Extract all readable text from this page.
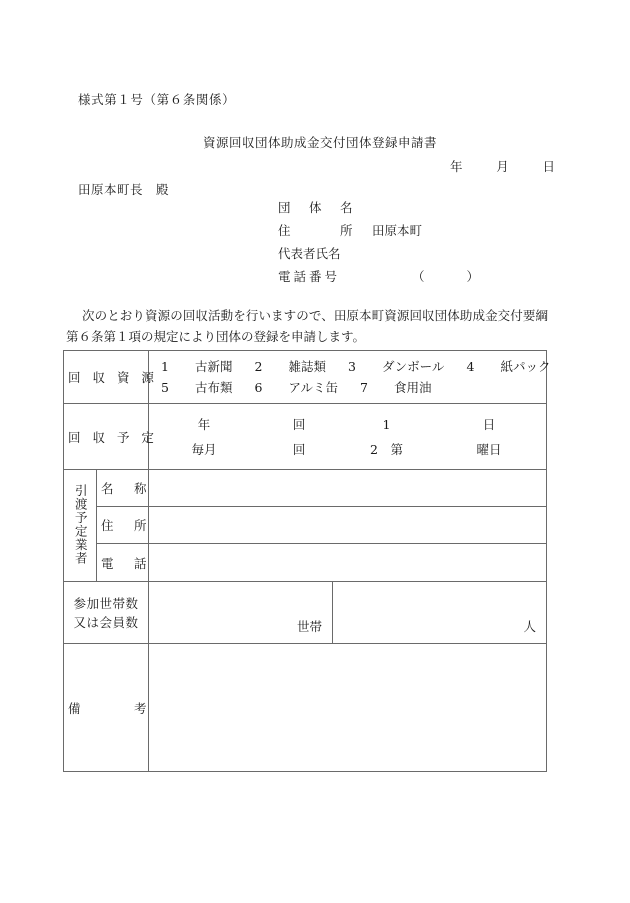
様式第１号（第６条関係）
資源回収団体助成金交付団体登録申請書
年	月	日
田原本町長　殿
団　体　名
住　　　所	田原本町
代表者氏名
電話番号	（	）
次のとおり資源の回収活動を行いますので、田原本町資源回収団体助成金交付要綱第６条第１項の規定により団体の登録を申請します。
回 収 資 源		1 古新聞 2 雑誌類 3 ダンボール 4 紙パック
5 古布類 6 アルミ缶 7 食用油	

回 収 予 定	
年	回	1	日
毎月	回	2　第	曜日

引渡予定業者	名　称		
	住　所		
	電　話		
参加世帯数
又は会員数		世帯	人

備　　　考			
